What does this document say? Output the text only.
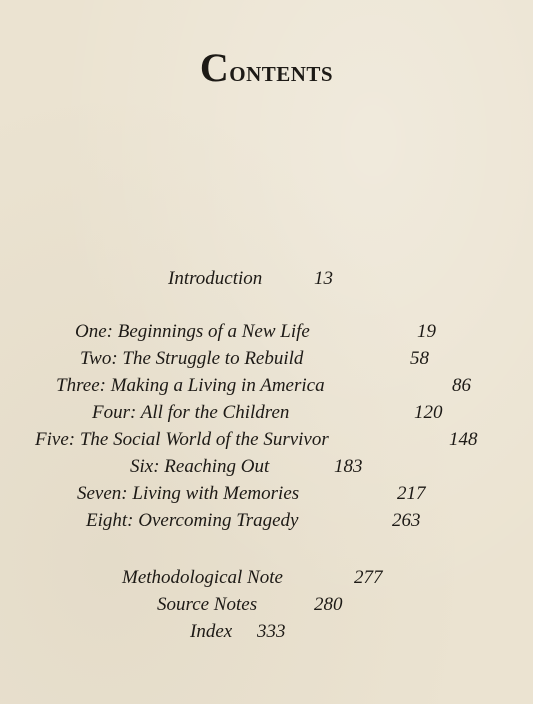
Contents
Introduction	13
One: Beginnings of a New Life	19
Two: The Struggle to Rebuild	58
Three: Making a Living in America	86
Four: All for the Children	120
Five: The Social World of the Survivor	148
Six: Reaching Out	183
Seven: Living with Memories	217
Eight: Overcoming Tragedy	263
Methodological Note	277
Source Notes	280
Index 333
